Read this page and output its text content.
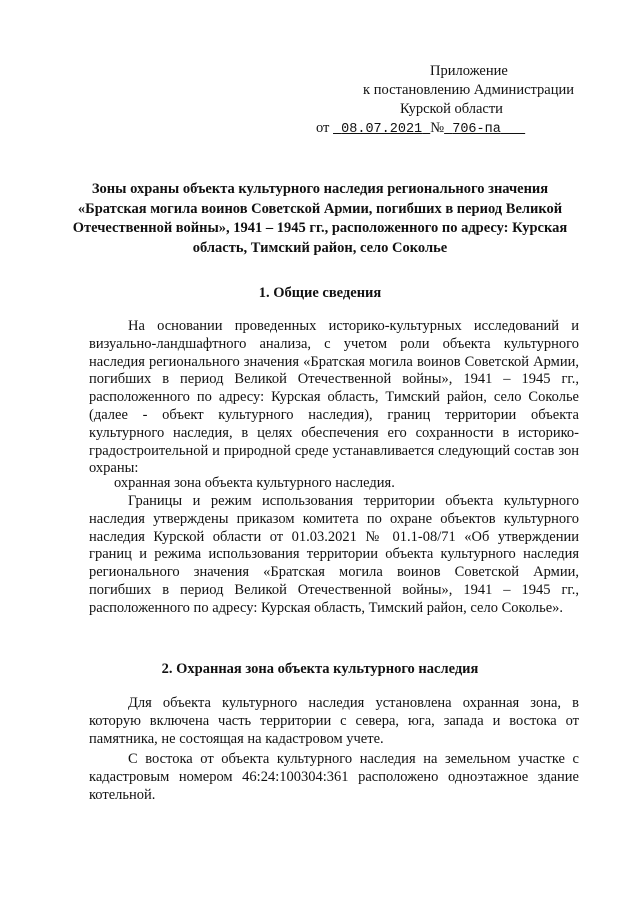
Приложение
к постановлению Администрации
Курской области
от 08.07.2021 № 706-па
Зоны охраны объекта культурного наследия регионального значения «Братская могила воинов Советской Армии, погибших в период Великой Отечественной войны», 1941 – 1945 гг., расположенного по адресу: Курская область, Тимский район, село Сокольe
1. Общие сведения
На основании проведенных историко-культурных исследований и визуально-ландшафтного анализа, с учетом роли объекта культурного наследия регионального значения «Братская могила воинов Советской Армии, погибших в период Великой Отечественной войны», 1941 – 1945 гг., расположенного по адресу: Курская область, Тимский район, село Сокольe (далее - объект культурного наследия), границ территории объекта культурного наследия, в целях обеспечения его сохранности в историко-градостроительной и природной среде устанавливается следующий состав зон охраны:
охранная зона объекта культурного наследия.
Границы и режим использования территории объекта культурного наследия утверждены приказом комитета по охране объектов культурного наследия Курской области от 01.03.2021 № 01.1-08/71 «Об утверждении границ и режима использования территории объекта культурного наследия регионального значения «Братская могила воинов Советской Армии, погибших в период Великой Отечественной войны», 1941 – 1945 гг., расположенного по адресу: Курская область, Тимский район, село Сокольe».
2. Охранная зона объекта культурного наследия
Для объекта культурного наследия установлена охранная зона, в которую включена часть территории с севера, юга, запада и востока от памятника, не состоящая на кадастровом учете.
С востока от объекта культурного наследия на земельном участке с кадастровым номером 46:24:100304:361 расположено одноэтажное здание котельной.
